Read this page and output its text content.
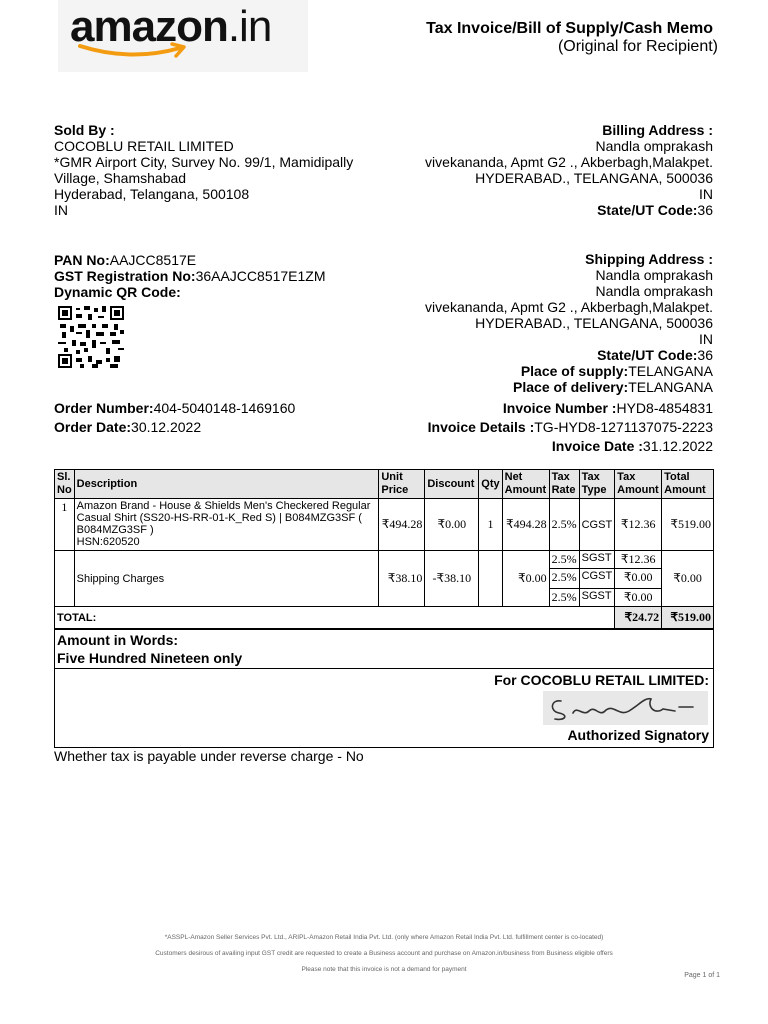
amazon.in	Tax Invoice/Bill of Supply/Cash Memo
(Original for Recipient)
Sold By :
COCOBLU RETAIL LIMITED
*GMR Airport City, Survey No. 99/1, Mamidipally
Village, Shamshabad
Hyderabad, Telangana, 500108
IN
Billing Address :
Nandla omprakash
vivekananda, Apmt G2 ., Akberbagh,Malakpet.
HYDERABAD., TELANGANA, 500036
IN
State/UT Code:36
PAN No:AAJCC8517E
GST Registration No:36AAJCC8517E1ZM
Dynamic QR Code:
Shipping Address :
Nandla omprakash
Nandla omprakash
vivekananda, Apmt G2 ., Akberbagh,Malakpet.
HYDERABAD., TELANGANA, 500036
IN
State/UT Code:36
Place of supply:TELANGANA
Place of delivery:TELANGANA
Order Number:404-5040148-1469160
Order Date:30.12.2022
Invoice Number :HYD8-4854831
Invoice Details :TG-HYD8-1271137075-2223
Invoice Date :31.12.2022
Sl. No	Description	Unit Price	Discount	Qty	Net Amount	Tax Rate	Tax Type	Tax Amount	Total Amount
1	Amazon Brand - House & Shields Men's Checkered Regular Casual Shirt (SS20-HS-RR-01-K_Red S) | B084MZG3SF ( B084MZG3SF )
HSN:620520	₹494.28	₹0.00	1	₹494.28	2.5%	CGST	₹12.36	₹519.00
						2.5%	SGST	₹12.36	
	Shipping Charges	₹38.10	-₹38.10		₹0.00	2.5%	CGST	₹0.00	₹0.00
						2.5%	SGST	₹0.00	
TOTAL:								₹24.72	₹519.00
Amount in Words:
Five Hundred Nineteen only
For COCOBLU RETAIL LIMITED:
Authorized Signatory
Whether tax is payable under reverse charge - No
*ASSPL-Amazon Seller Services Pvt. Ltd., ARIPL-Amazon Retail India Pvt. Ltd. (only where Amazon Retail India Pvt. Ltd. fulfillment center is co-located)
Customers desirous of availing input GST credit are requested to create a Business account and purchase on Amazon.in/business from Business eligible offers
Please note that this invoice is not a demand for payment
Page 1 of 1
